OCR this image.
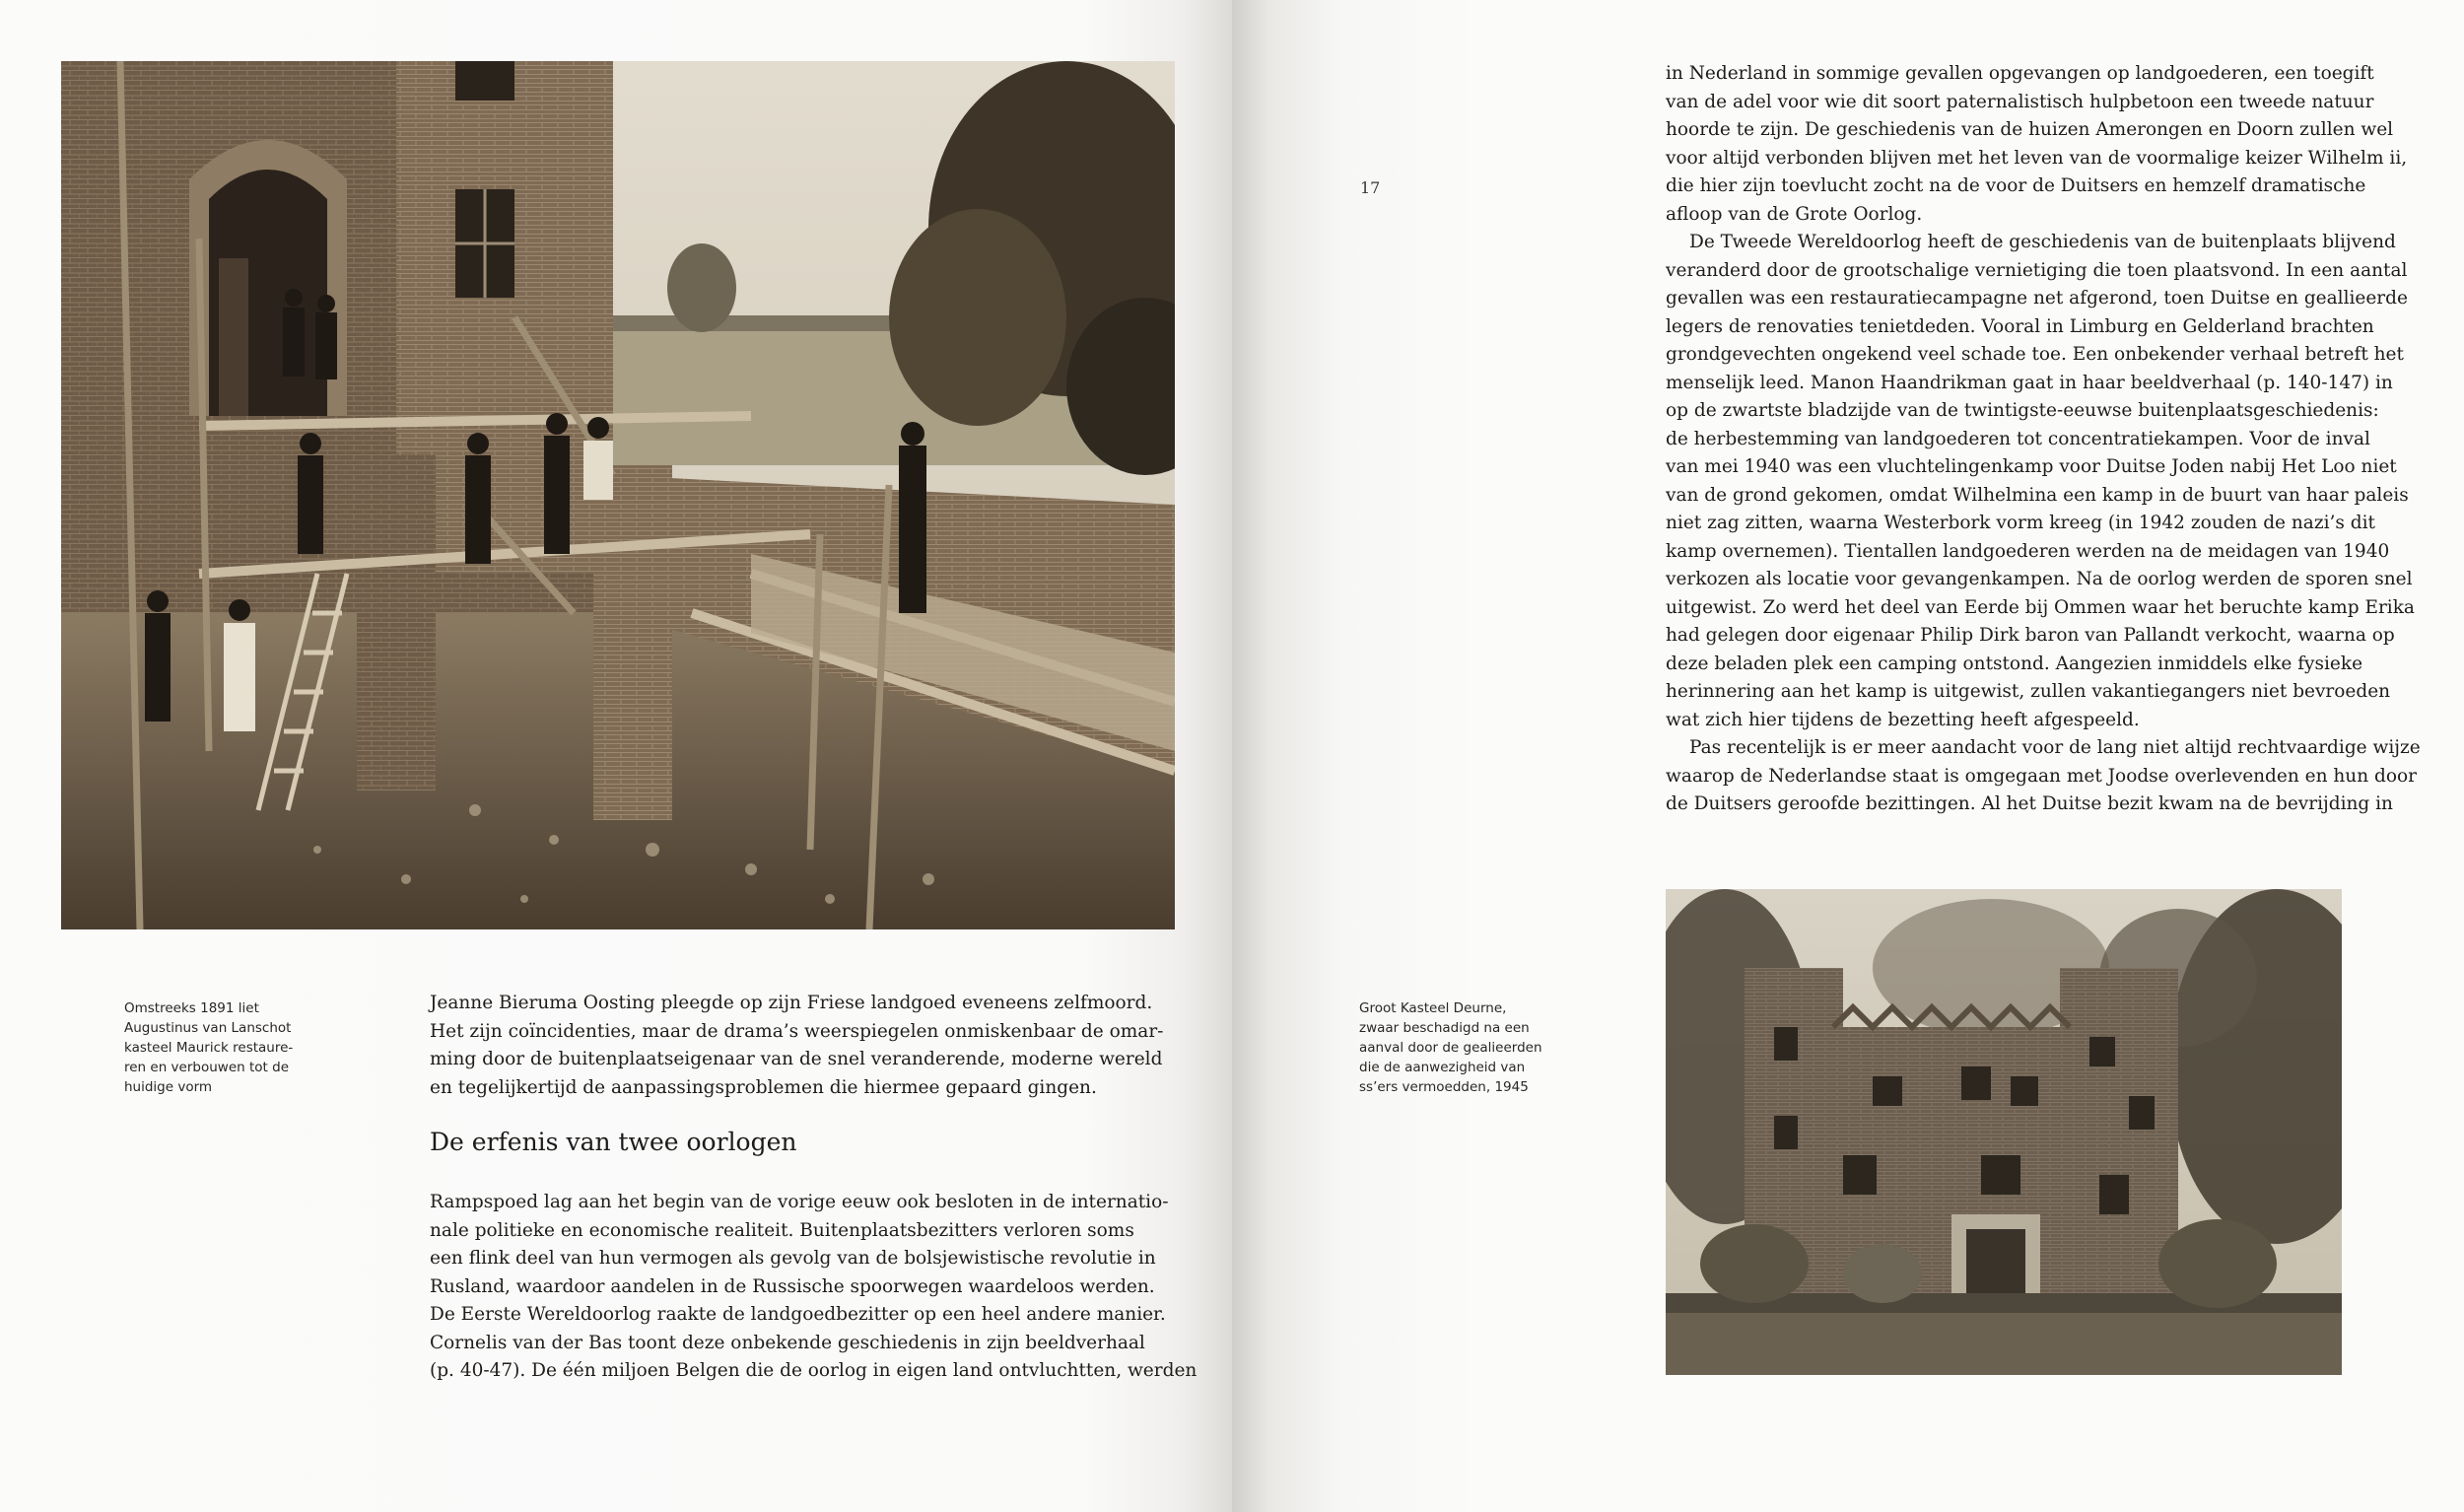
Omstreeks 1891 liet
Augustinus van Lanschot
kasteel Maurick restaure-
ren en verbouwen tot de
huidige vorm
Groot Kasteel Deurne,
zwaar beschadigd na een
aanval door de gealieerden
die de aanwezigheid van
ss’ers vermoedden, 1945
17
Jeanne Bieruma Oosting pleegde op zijn Friese landgoed eveneens zelfmoord.
Het zijn coïncidenties, maar de drama’s weerspiegelen onmiskenbaar de omar-
ming door de buitenplaatseigenaar van de snel veranderende, moderne wereld
en tegelijkertijd de aanpassingsproblemen die hiermee gepaard gingen.
De erfenis van twee oorlogen
Rampspoed lag aan het begin van de vorige eeuw ook besloten in de internatio-
nale politieke en economische realiteit. Buitenplaatsbezitters verloren soms
een flink deel van hun vermogen als gevolg van de bolsjewistische revolutie in
Rusland, waardoor aandelen in de Russische spoorwegen waardeloos werden.
De Eerste Wereldoorlog raakte de landgoedbezitter op een heel andere manier.
Cornelis van der Bas toont deze onbekende geschiedenis in zijn beeldverhaal
(p. 40-47). De één miljoen Belgen die de oorlog in eigen land ontvluchtten, werden
in Nederland in sommige gevallen opgevangen op landgoederen, een toegift
van de adel voor wie dit soort paternalistisch hulpbetoon een tweede natuur
hoorde te zijn. De geschiedenis van de huizen Amerongen en Doorn zullen wel
voor altijd verbonden blijven met het leven van de voormalige keizer Wilhelm ii,
die hier zijn toevlucht zocht na de voor de Duitsers en hemzelf dramatische
afloop van de Grote Oorlog.
De Tweede Wereldoorlog heeft de geschiedenis van de buitenplaats blijvend
veranderd door de grootschalige vernietiging die toen plaatsvond. In een aantal
gevallen was een restauratiecampagne net afgerond, toen Duitse en geallieerde
legers de renovaties tenietdeden. Vooral in Limburg en Gelderland brachten
grondgevechten ongekend veel schade toe. Een onbekender verhaal betreft het
menselijk leed. Manon Haandrikman gaat in haar beeldverhaal (p. 140-147) in
op de zwartste bladzijde van de twintigste-eeuwse buitenplaatsgeschiedenis:
de herbestemming van landgoederen tot concentratiekampen. Voor de inval
van mei 1940 was een vluchtelingenkamp voor Duitse Joden nabij Het Loo niet
van de grond gekomen, omdat Wilhelmina een kamp in de buurt van haar paleis
niet zag zitten, waarna Westerbork vorm kreeg (in 1942 zouden de nazi’s dit
kamp overnemen). Tientallen landgoederen werden na de meidagen van 1940
verkozen als locatie voor gevangenkampen. Na de oorlog werden de sporen snel
uitgewist. Zo werd het deel van Eerde bij Ommen waar het beruchte kamp Erika
had gelegen door eigenaar Philip Dirk baron van Pallandt verkocht, waarna op
deze beladen plek een camping ontstond. Aangezien inmiddels elke fysieke
herinnering aan het kamp is uitgewist, zullen vakantiegangers niet bevroeden
wat zich hier tijdens de bezetting heeft afgespeeld.
Pas recentelijk is er meer aandacht voor de lang niet altijd rechtvaardige wijze
waarop de Nederlandse staat is omgegaan met Joodse overlevenden en hun door
de Duitsers geroofde bezittingen. Al het Duitse bezit kwam na de bevrijding in
